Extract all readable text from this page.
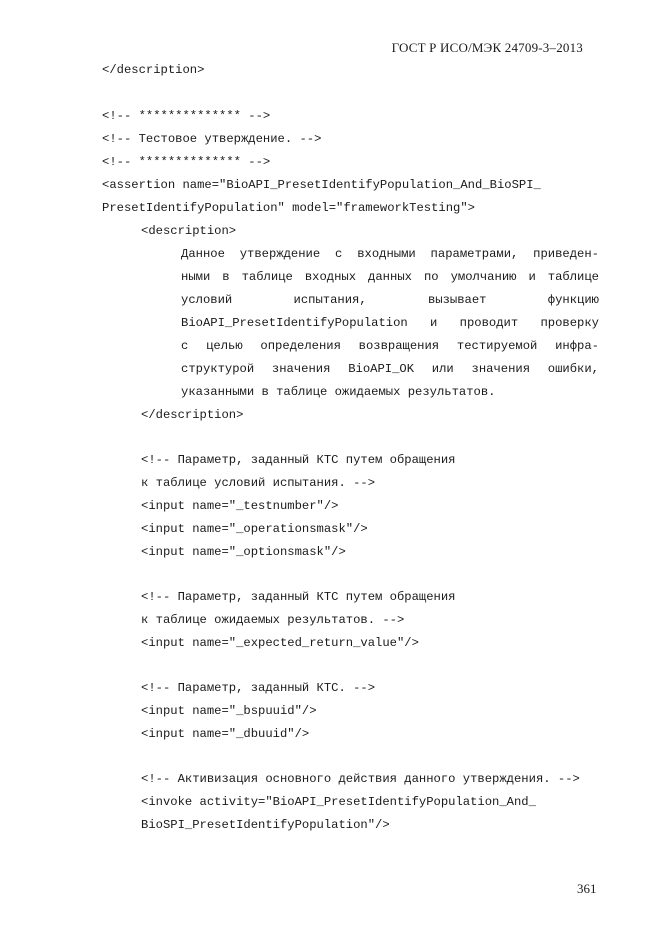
ГОСТ Р ИСО/МЭК 24709-3–2013
</description>
<!-- ************** -->
<!-- Тестовое утверждение. -->
<!-- ************** -->
<assertion name="BioAPI_PresetIdentifyPopulation_And_BioSPI_
PresetIdentifyPopulation" model="frameworkTesting">
<description>
Данное утверждение с входными параметрами, приведен-
ными в таблице входных данных по умолчанию и таблице
условий испытания, вызывает функцию
BioAPI_PresetIdentifyPopulation и проводит проверку
с целью определения возвращения тестируемой инфра-
структурой значения BioAPI_OK или значения ошибки,
указанными в таблице ожидаемых результатов.
</description>
<!-- Параметр, заданный КТС путем обращения
к таблице условий испытания. -->
<input name="_testnumber"/>
<input name="_operationsmask"/>
<input name="_optionsmask"/>
<!-- Параметр, заданный КТС путем обращения
к таблице ожидаемых результатов. -->
<input name="_expected_return_value"/>
<!-- Параметр, заданный КТС. -->
<input name="_bspuuid"/>
<input name="_dbuuid"/>
<!-- Активизация основного действия данного утверждения. -->
<invoke activity="BioAPI_PresetIdentifyPopulation_And_
BioSPI_PresetIdentifyPopulation"/>
361
